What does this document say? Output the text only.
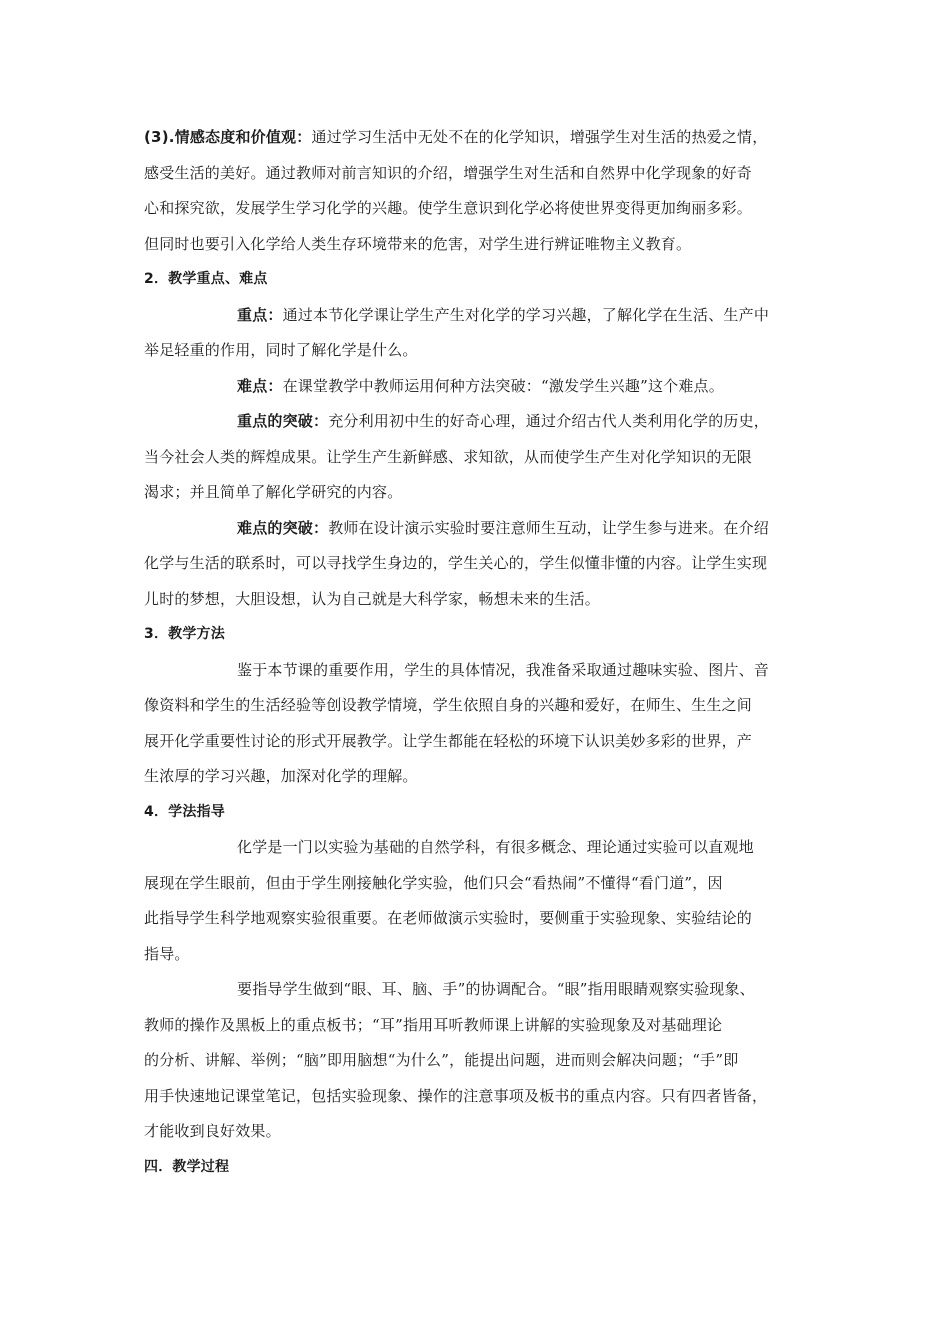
(3).情感态度和价值观：通过学习生活中无处不在的化学知识，增强学生对生活的热爱之情，
感受生活的美好。通过教师对前言知识的介绍，增强学生对生活和自然界中化学现象的好奇
心和探究欲，发展学生学习化学的兴趣。使学生意识到化学必将使世界变得更加绚丽多彩。
但同时也要引入化学给人类生存环境带来的危害，对学生进行辨证唯物主义教育。
2．教学重点、难点
重点：通过本节化学课让学生产生对化学的学习兴趣，了解化学在生活、生产中
举足轻重的作用，同时了解化学是什么。
难点：在课堂教学中教师运用何种方法突破：“激发学生兴趣”这个难点。
重点的突破：充分利用初中生的好奇心理，通过介绍古代人类利用化学的历史，
当今社会人类的辉煌成果。让学生产生新鲜感、求知欲，从而使学生产生对化学知识的无限
渴求；并且简单了解化学研究的内容。
难点的突破：教师在设计演示实验时要注意师生互动，让学生参与进来。在介绍
化学与生活的联系时，可以寻找学生身边的，学生关心的，学生似懂非懂的内容。让学生实现
儿时的梦想，大胆设想，认为自己就是大科学家，畅想未来的生活。
3．教学方法
鉴于本节课的重要作用，学生的具体情况，我准备采取通过趣味实验、图片、音
像资料和学生的生活经验等创设教学情境，学生依照自身的兴趣和爱好，在师生、生生之间
展开化学重要性讨论的形式开展教学。让学生都能在轻松的环境下认识美妙多彩的世界，产
生浓厚的学习兴趣，加深对化学的理解。
4．学法指导
化学是一门以实验为基础的自然学科，有很多概念、理论通过实验可以直观地
展现在学生眼前，但由于学生刚接触化学实验，他们只会“看热闹”不懂得“看门道”，因
此指导学生科学地观察实验很重要。在老师做演示实验时，要侧重于实验现象、实验结论的
指导。
要指导学生做到“眼、耳、脑、手”的协调配合。“眼”指用眼睛观察实验现象、
教师的操作及黑板上的重点板书；“耳”指用耳听教师课上讲解的实验现象及对基础理论
的分析、讲解、举例；“脑”即用脑想“为什么”，能提出问题，进而则会解决问题；“手”即
用手快速地记课堂笔记，包括实验现象、操作的注意事项及板书的重点内容。只有四者皆备，
才能收到良好效果。
四．教学过程
